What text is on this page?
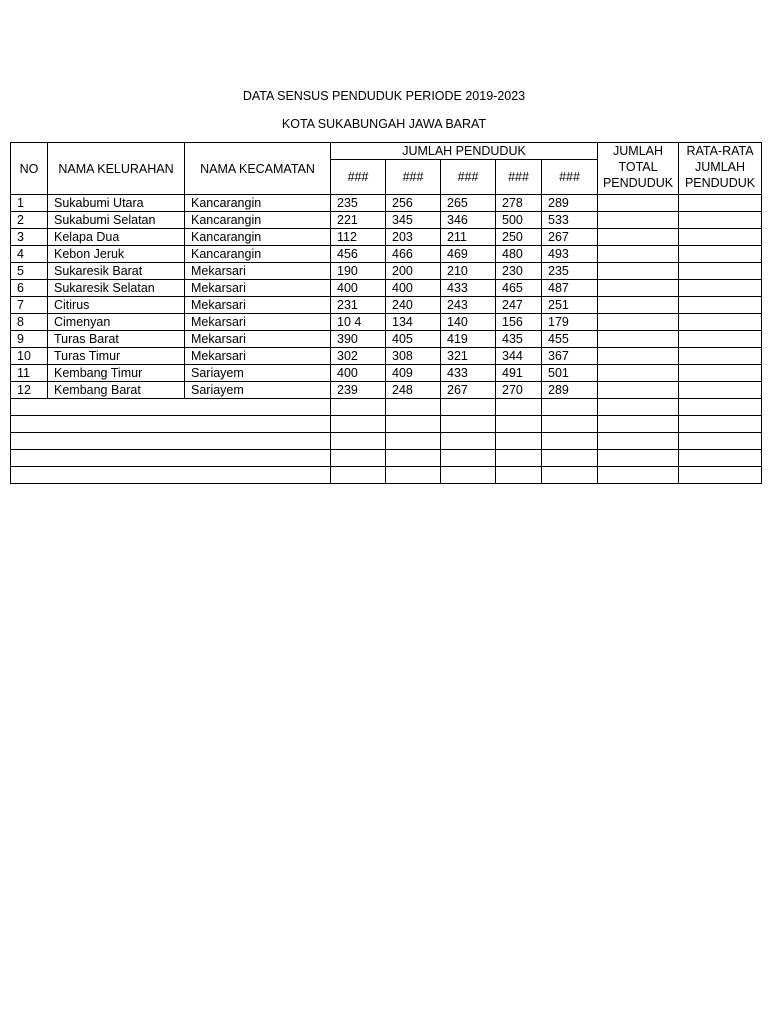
DATA SENSUS PENDUDUK PERIODE 2019-2023
KOTA SUKABUNGAH JAWA BARAT
NO	NAMA KELURAHAN	NAMA KECAMATAN	JUMLAH PENDUDUK					JUMLAH TOTAL PENDUDUK	RATA-RATA JUMLAH PENDUDUK
			###	###	###	###	###		
1	Sukabumi Utara	Kancarangin	235	256	265	278	289		
2	Sukabumi Selatan	Kancarangin	221	345	346	500	533		
3	Kelapa Dua	Kancarangin	112	203	211	250	267		
4	Kebon Jeruk	Kancarangin	456	466	469	480	493		
5	Sukaresik Barat	Mekarsari	190	200	210	230	235		
6	Sukaresik Selatan	Mekarsari	400	400	433	465	487		
7	Citirus	Mekarsari	231	240	243	247	251		
8	Cimenyan	Mekarsari	10 4	134	140	156	179		
9	Turas Barat	Mekarsari	390	405	419	435	455		
10	Turas Timur	Mekarsari	302	308	321	344	367		
11	Kembang Timur	Sariayem	400	409	433	491	501		
12	Kembang Barat	Sariayem	239	248	267	270	289		
